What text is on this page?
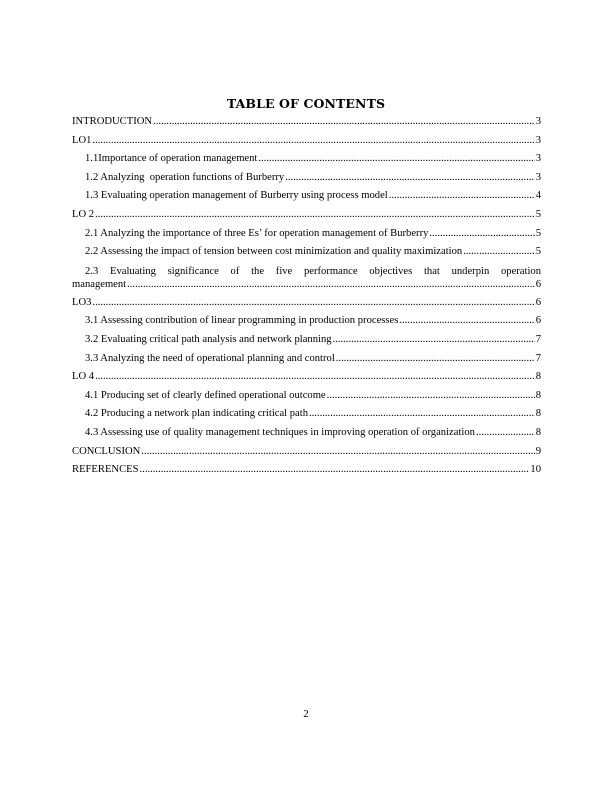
TABLE OF CONTENTS
INTRODUCTION .....	3
LO1 .....	3
1.1Importance of operation management .....	3
1.2 Analyzing  operation functions of Burberry .....	3
1.3 Evaluating operation management of Burberry using process model .....	4
LO 2 .....	5
2.1 Analyzing the importance of three Es’ for operation management of Burberry .....	5
2.2 Assessing the impact of tension between cost minimization and quality maximization .....	5
2.3 Evaluating significance of the five performance objectives that underpin operation
management .....	6
LO3 .....	6
3.1 Assessing contribution of linear programming in production processes .....	6
3.2 Evaluating critical path analysis and network planning .....	7
3.3 Analyzing the need of operational planning and control .....	7
LO 4 .....	8
4.1 Producing set of clearly defined operational outcome .....	8
4.2 Producing a network plan indicating critical path .....	8
4.3 Assessing use of quality management techniques in improving operation of organization .....	8
CONCLUSION .....	9
REFERENCES .....	10
2
